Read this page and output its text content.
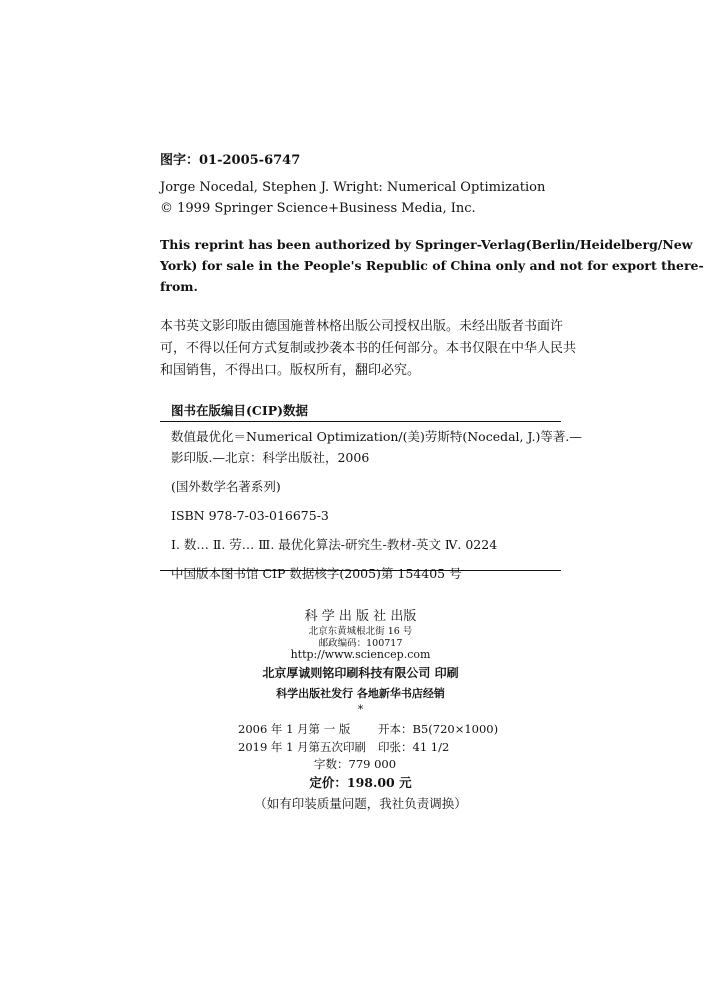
图字：01-2005-6747
Jorge Nocedal, Stephen J. Wright: Numerical Optimization
© 1999 Springer Science+Business Media, Inc.
This reprint has been authorized by Springer-Verlag(Berlin/Heidelberg/New
York) for sale in the People's Republic of China only and not for export there-
from.
本书英文影印版由德国施普林格出版公司授权出版。未经出版者书面许
可，不得以任何方式复制或抄袭本书的任何部分。本书仅限在中华人民共
和国销售，不得出口。版权所有，翻印必究。
图书在版编目(CIP)数据
数值最优化＝Numerical Optimization/(美)劳斯特(Nocedal, J.)等著.—
影印版.—北京：科学出版社，2006
(国外数学名著系列)
ISBN 978-7-03-016675-3
Ⅰ. 数… Ⅱ. 劳… Ⅲ. 最优化算法-研究生-教材-英文 Ⅳ. 0224
中国版本图书馆 CIP 数据核字(2005)第 154405 号
科 学 出 版 社 出版
北京东黄城根北街 16 号
邮政编码：100717
http://www.sciencep.com
北京厚诚则铭印刷科技有限公司 印刷
科学出版社发行 各地新华书店经销
*
2006 年 1 月第 一 版
2019 年 1 月第五次印刷
开本：B5(720×1000)
印张：41 1/2
字数：779 000
定价：198.00 元
（如有印装质量问题，我社负责调换）
